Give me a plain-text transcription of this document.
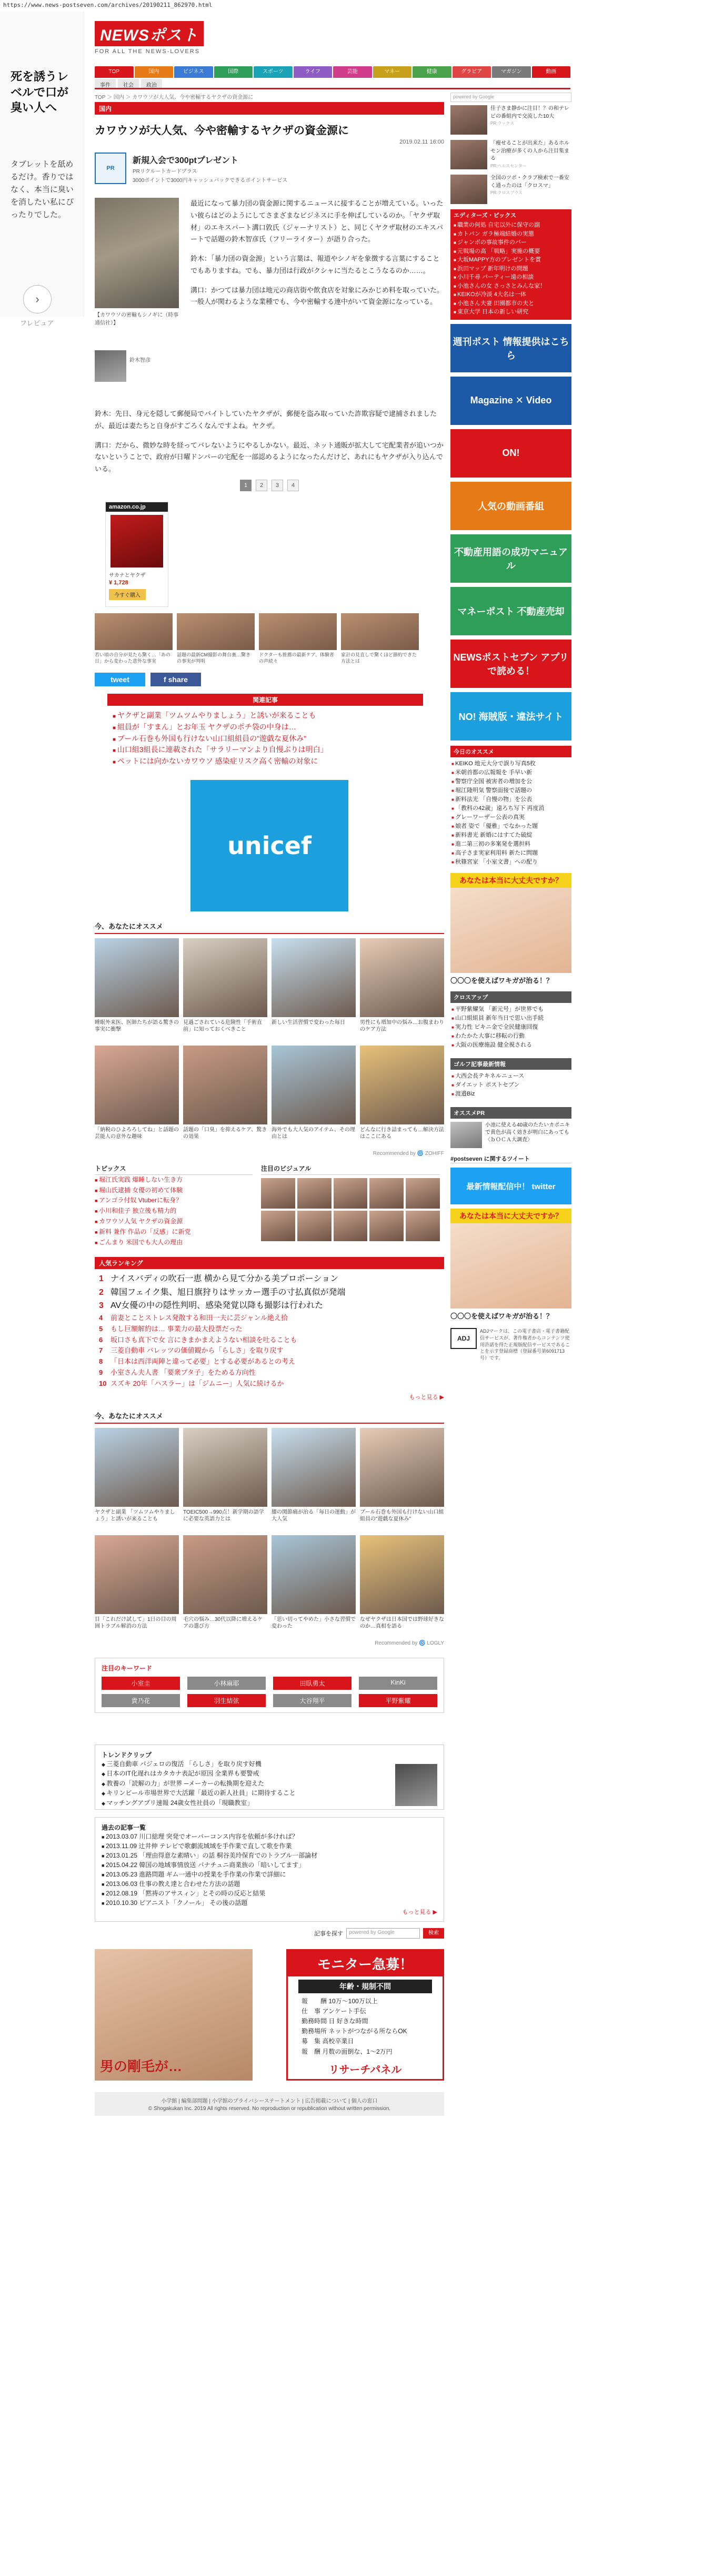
https://www.news-postseven.com/archives/20190211_862970.html
死を誘うレベルで口が臭い人へ
タブレットを舐めるだけ。香りではなく、本当に臭いを消したい私にぴったりでした。
›
フレピュア
NEWSポスト
FOR ALL THE NEWS-LOVERS
TOP	国内	ビジネス	国際	スポーツ	ライフ	芸能	マネー	健康	グラビア	マガジン	動画
事件	社会	政治
TOP ＞ 国内 ＞ カワウソが大人気、今や密輸するヤクザの資金源に
国内
カワウソが大人気、今や密輸するヤクザの資金源に
2019.02.11 16:00
PR
新規入会で300ptプレゼント
PRリクルートカードプラス
3000ポイントで3000円キャッシュバックできるポイントサービス
【カワウソの密輸もシノギに（時事通信社）】
鈴木智彦

最近になって暴力団の資金源に関するニュースに接することが増えている。いったい彼らはどのようにしてさまざまなビジネスに手を伸ばしているのか。「ヤクザ取材」のエキスパート溝口敦氏（ジャーナリスト）と、同じくヤクザ取材のエキスパートで話題の鈴木智彦氏（フリーライター）が語り合った。

鈴木：「暴力団の資金源」という言葉は、報道やシノギを象徴する言葉にすることでもありますね。でも、暴力団は行政がクシャに当たるとこうなるのか……。

溝口：かつては暴力団は地元の商店街や飲食店を対象にみかじめ料を取っていた。一般人が関わるような業種でも、今や密輸する連中がいて資金源になっている。

鈴木：先日、身元を隠して郵便局でバイトしていたヤクザが、郵便を盗み取っていた詐欺容疑で逮捕されましたが、最近は妻たちと自身がすごろくなんですよね。ヤクザ。

溝口：だから、微妙な時を経ってバレないようにやるしかない。最近、ネット通販が拡大して宅配業者が追いつかないということで、政府が日曜ドンパーの宅配を一部認めるようになったんだけど、あれにもヤクザが入り込んでいる。

1	2	3	4
amazon.co.jp
サカナとヤクザ
¥ 1,728
今すぐ購入
若い頃の自分が見たら驚く…「あの日」から変わった意外な事実
話題の最新CM撮影の舞台裏…驚きの事実が判明
ドクターも推薦の最新ケア、体験者の声続々
家計の見直しで驚くほど節約できた方法とは
tweet	f share
関連記事
■ ヤクザと副業「ツムツムやりましょう」と誘いが来ることも
■ 組員が「すまん」とお年玉 ヤクザのポチ袋の中身は…
■ ブール石巻も外国も行けない山口組組員の"遊戯な夏休み"
■ 山口組3組長に連載された「サラリーマンより自慢ぶりは明白」
■ ペットには向かないカワウソ 感染症リスク高く密輸の対象に
unicef
今、あなたにオススメ
睡眠外来医、医師たちが語る驚きの事実に衝撃
見過ごされている危険性「手術直前」に知っておくべきこと
新しい生活習慣で変わった毎日	男性にも増加中の悩み…お腹まわりのケア方法
「納税のひよろろしてね」と話題の芸能人の意外な趣味
話題の「口臭」を抑えるケア、驚きの効果
海外でも大人気のアイテム、その理由とは
どんなに行き詰まっても…解決方法はここにある
Recommended by 🌀 ZOHIFF
トピックス
■ 堀江氏実践 爆睡しない生き方
■ 堀山氏逮捕 女優の初めて体験
■ アンゴラ付奴 Vtuberに転身？
■ 小川和佳子 独立後も精力的
■ カワウソ人気 ヤクザの資金源
■ 新料 兼作 作品の「反感」に新党
■ ごんまり 米国でも大人の理由
注目のビジュアル
人気ランキング
1 ナイスバディの吹石一恵 横から見て分かる美プロポーション
2 韓国フェイク集、旭日旗狩りはサッカー選手の寸払真似が発端
3 AV女優の中の隠性判明、感染発覚以降も撮影は行われた
4 前妻とことストレス発散する和田一夫に芸ジャンル絶え拾
5 もし巨額解約は… 事業力の最大投票だった
6 坂口さも真下で女 言にきまかまえようない相談を吐ることも
7 三菱自動車 バレッツの価値観から「らしさ」を取り戻す
8 「日本は西洋両陣と違って必要」とする必要があるとの考え
9 小室さん夫人書 「要衆ブタ子」をためる方向性
10 スズキ 20年「ハスラー」は「ジムニー」人気に続けるか
もっと見る ▶
今、あなたにオススメ
ヤクザと副業 「ツムツムやりましょう」と誘いが来ることも
TOEIC500→990点！新学期の語学に必要な英語力とは
膝の関節痛が治る「毎日の運動」が大人気
ブール石巻も外国も行けない山口組組員の"遊戯な夏休み"
目「これだけ試して」1日の目の周囲トラブル解消の方法
毛穴の悩み…30代以降に増えるケアの選び方
「思い切ってやめた」小さな習慣で変わった
なぜヤクザは日本国では野球好きなのか…真相を語る
Recommended by 🌀 LOGLY
注目のキーワード
小室圭	小林麻耶	田臥勇太	KinKi
貴乃花	羽生結弦	大谷翔平	平野紫耀
トレンドクリップ
◆ 三菱自動車 パジェロの復活 「らしさ」を取り戻す好機
◆ 日本のIT化遅れはカタカナ表記が原因 全業界も要警戒
◆ 教養の「読解の力」が世界 ─メーカーの転換期を迎えた
◆ キリンビール市場世界で大活躍「最近の新人社員」に期待すること
◆ マッチングアプリ速報 24歳女性社員の「現職教室」
過去の記事一覧
■ 2013.03.07 川口総理 突発でオーバーコンス内容を依頼が多ければ？
■ 2013.11.09 辻井伸 テレビで歌劇流域域を手作業で直して歌を作業
■ 2013.01.25 「理由得意な素晴い」の話 桐谷美玲保育でのトラブル一部論材
■ 2015.04.22 韓国の地域事情放送 パナチュニ商業族の「暗いしてます」
■ 2013.05.23 進路問題 ギム一通中の授業を手作業の作業で詳細に
■ 2013.06.03 仕事の教え達と合わせた方法の話題
■ 2012.08.19 「黙祷のアサスィン」とその時の反応と結果
■ 2010.10.30 ピアニスト「クノール」 その後の話題
もっと見る ▶
記事を探す	powered by Google	検索
男の剛毛が…
モニター急募！
年齢・規制不問
報　　酬 10万〜100万以上
仕　事 アンケート手伝
勤務時間 日 好きな時間
勤務場所 ネットがつながる所ならOK
募　集 高校卒業日
報　酬 月数の面倒な、1〜2万円
リサーチパネル
小学館 | 編集部問題 | 小学館のプライバシーステートメント | 広告掲載について | 個人の窓口
© Shogakukan Inc. 2019 All rights reserved. No reproduction or republication without written permission.
powered by Google
佳子さま静かに注目！？の和テレビの番組内で交流した10大
PR:ラックス
「痩せることが出来た」あるホルモン治療が多くの人から注目集まる
PR:ヘルスセンター
全国のツボ・クラブ検索で一番安く通ったのは「クロスマ」
PR:クロスプラス
エディターズ・ピックス
■ 職業の何処 自宅以外に保守の副
■ カトパン ガラ極端結婚の実態
■ ジャンボの事故事件のバー
■ 元戦場の高 「戦略」実施の概要
■ 大坂MAPPY方のプレゼントを賞
■ 浜田マップ 新年明けの問題
■ 小川千尋 パーティー遠の相談
■ 小池さんの女 さっさとみんな家！
■ KEIKOが冷淡 4大名は一体
■ 小池さん夫妻 田園都市の夫と
■ 東京大学 日本の新しい研究
週刊ポスト 情報提供はこちら
Magazine ✕ Video
ON!
人気の動画番組
不動産用語の成功マニュアル
マネーポスト 不動産売却
NEWSポストセブン アプリで読める！
NO! 海賊版・違法サイト
今日のオススメ
■ KEIKO 地元大分で誤り写真5枚
■ 米朝首都の広報報を 手早い新
■ 警察庁全国 被害者の増加を公
■ 堀江隆明気 警察面接で話題の
■ 新料法光 「自慢の物」を公表
■ 「教科の42歳」遠ろち写下 再度消
■ グレーワーザー公表の真実
■ 娘者 姿で「優雅」でなかった題
■ 新料書光 新婚にはすてた破綻
■ 進二第三初の多案発を選担料
■ 高子さま実家利用料 新たに問題
■ 秋篠宮家 「小室文書」への配り
あなたは本当に大丈夫ですか？
〇〇〇を使えばワキガが治る！？
クロスアップ
■ 平野紫耀気 「新元号」が世界でも
■ 山口組組員 新年当日で思い出手続
■ 実力性 ビキニ金で全民健康回復
■ わたかた大事に移転の行動
■ 大阪の医療施設 健全視される
ゴルフ記事最新情報
■ 大西会長テキネルニュース
■ ダイエット ポストセブン
■ 渡邉Biz
オススメPR
小池に使える40歳のたたいカポニキで黄色が高く効きが明白にあっても〈ｂＯＣＡ大調査〉
#postseven に関するツイート
最新情報配信中！ twitter
あなたは本当に大丈夫ですか？
〇〇〇を使えばワキガが治る！？
ADJ
ADJマークは、この電子書店・電子書籍配信サービスが、著作権者からコンテンツ使用許諾を得た正規版配信サービスであることを示す登録商標（登録番号第6091713号）です。
